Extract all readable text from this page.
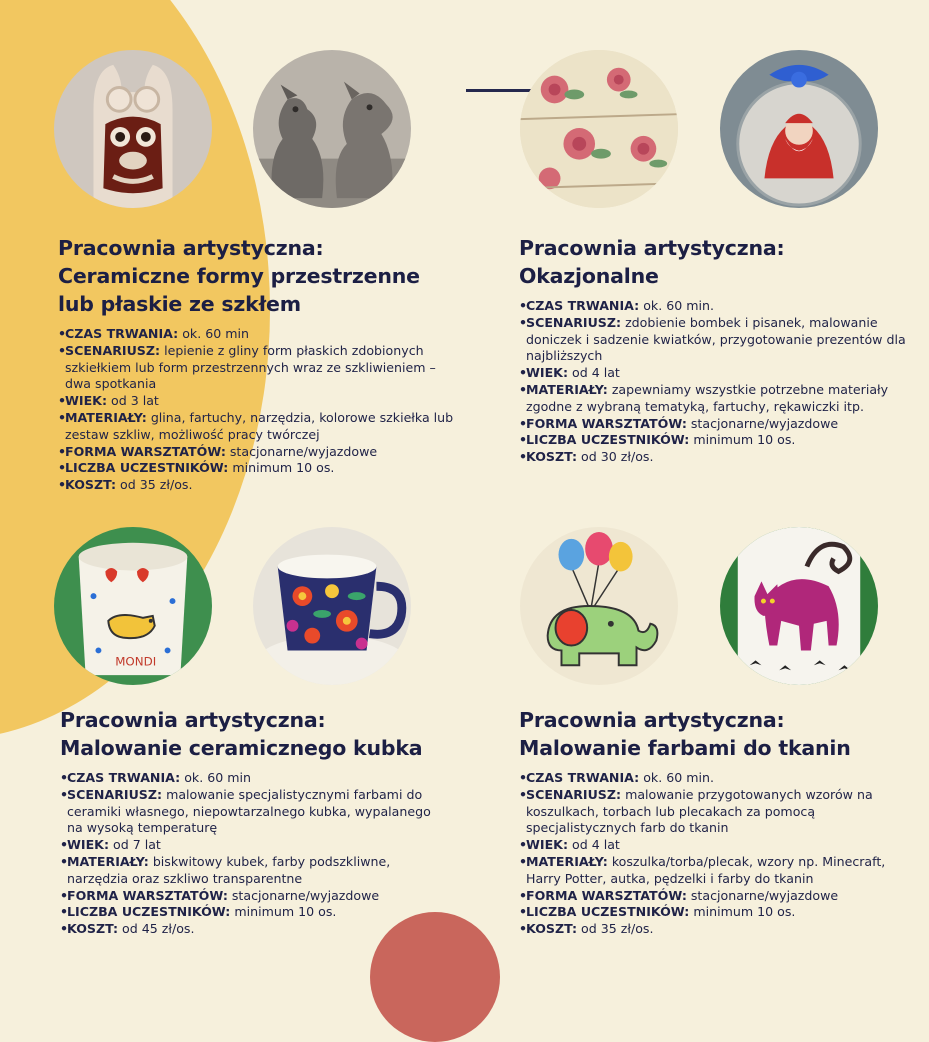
MONDI
Pracownia artystyczna:
Ceramiczne formy przestrzenne
lub płaskie ze szkłem
• CZAS TRWANIA: ok. 60 min
• SCENARIUSZ: lepienie z gliny form płaskich zdobionych szkiełkiem lub form przestrzennych wraz ze szkliwieniem – dwa spotkania
• WIEK: od 3 lat
• MATERIAŁY: glina, fartuchy, narzędzia, kolorowe szkiełka lub zestaw szkliw, możliwość pracy twórczej
• FORMA WARSZTATÓW: stacjonarne/wyjazdowe
• LICZBA UCZESTNIKÓW: minimum 10 os.
• KOSZT: od 35 zł/os.
Pracownia artystyczna:
Okazjonalne
• CZAS TRWANIA: ok. 60 min.
• SCENARIUSZ: zdobienie bombek i pisanek, malowanie doniczek i sadzenie kwiatków, przygotowanie prezentów dla najbliższych
• WIEK: od 4 lat
• MATERIAŁY: zapewniamy wszystkie potrzebne materiały zgodne z wybraną tematyką, fartuchy, rękawiczki itp.
• FORMA WARSZTATÓW: stacjonarne/wyjazdowe
• LICZBA UCZESTNIKÓW: minimum 10 os.
• KOSZT: od 30 zł/os.
Pracownia artystyczna:
Malowanie ceramicznego kubka
• CZAS TRWANIA: ok. 60 min
• SCENARIUSZ: malowanie specjalistycznymi farbami do ceramiki własnego, niepowtarzalnego kubka, wypalanego na wysoką temperaturę
• WIEK: od 7 lat
• MATERIAŁY: biskwitowy kubek, farby podszkliwne, narzędzia oraz szkliwo transparentne
• FORMA WARSZTATÓW: stacjonarne/wyjazdowe
• LICZBA UCZESTNIKÓW: minimum 10 os.
• KOSZT: od 45 zł/os.
Pracownia artystyczna:
Malowanie farbami do tkanin
• CZAS TRWANIA: ok. 60 min.
• SCENARIUSZ: malowanie przygotowanych wzorów na koszulkach, torbach lub plecakach za pomocą specjalistycznych farb do tkanin
• WIEK: od 4 lat
• MATERIAŁY: koszulka/torba/plecak, wzory np. Minecraft, Harry Potter, autka, pędzelki i farby do tkanin
• FORMA WARSZTATÓW: stacjonarne/wyjazdowe
• LICZBA UCZESTNIKÓW: minimum 10 os.
• KOSZT: od 35 zł/os.
